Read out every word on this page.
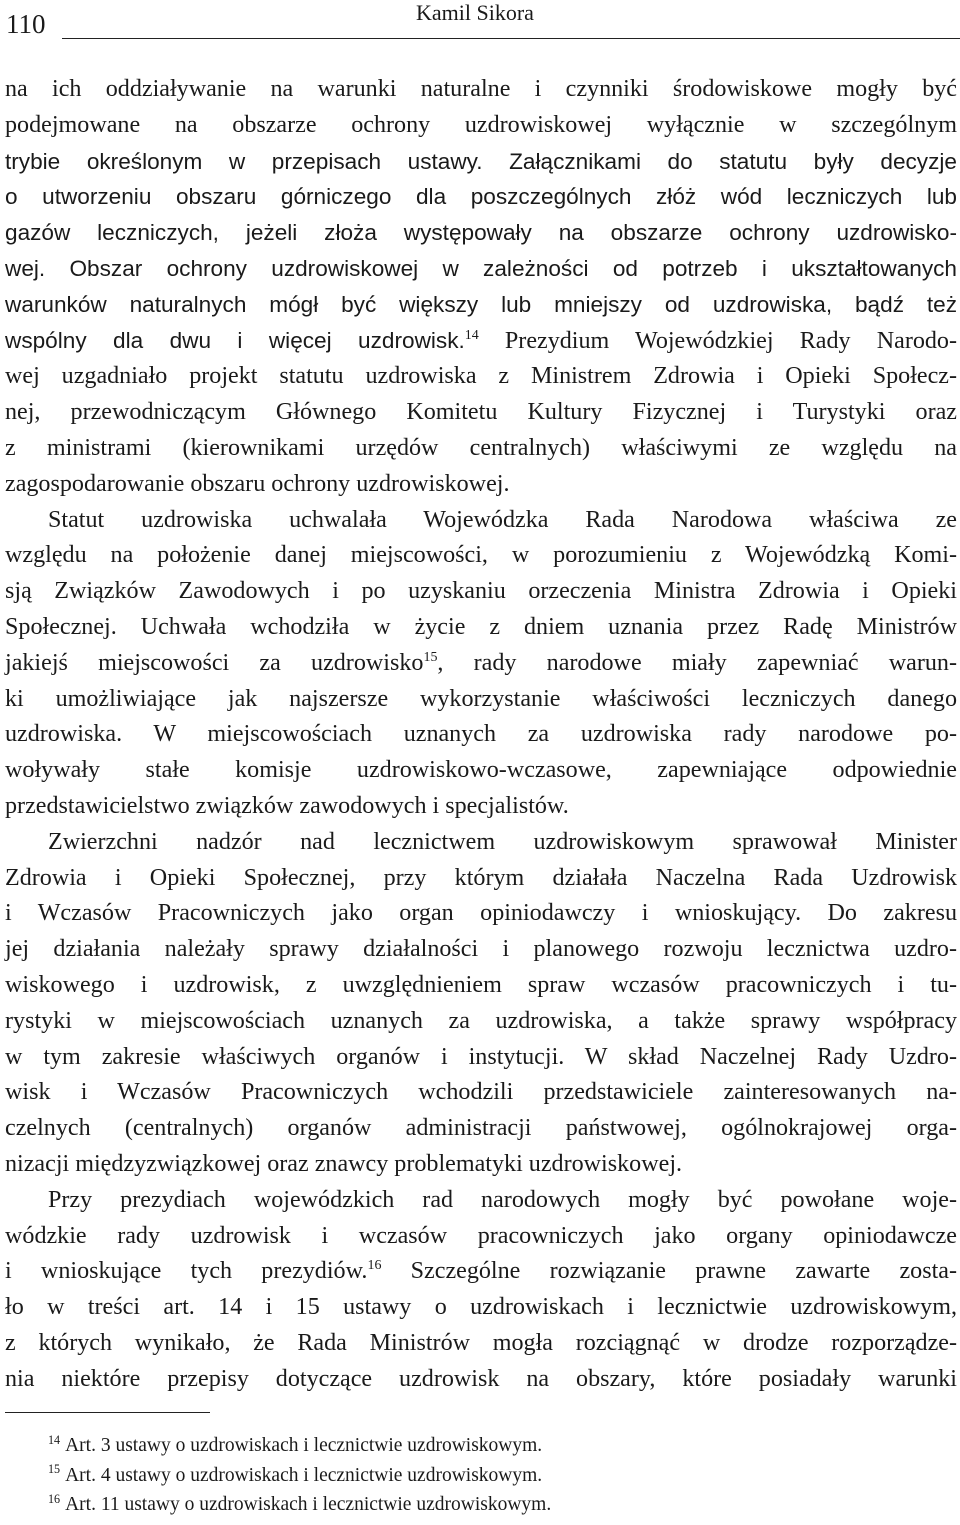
110	Kamil Sikora

na ich oddziaływanie na warunki naturalne i czynniki środowiskowe mogły być
podejmowane na obszarze ochrony uzdrowiskowej wyłącznie w szczególnym
trybie określonym w przepisach ustawy. Załącznikami do statutu były decyzje
o utworzeniu obszaru górniczego dla poszczególnych złóż wód leczniczych lub
gazów leczniczych, jeżeli złoża występowały na obszarze ochrony uzdrowisko-
wej. Obszar ochrony uzdrowiskowej w zależności od potrzeb i ukształtowanych
warunków naturalnych mógł być większy lub mniejszy od uzdrowiska, bądź też
wspólny dla dwu i więcej uzdrowisk.$^{14}$ Prezydium Wojewódzkiej Rady Narodo-
wej uzgadniało projekt statutu uzdrowiska z Ministrem Zdrowia i Opieki Społecz-
nej, przewodniczącym Głównego Komitetu Kultury Fizycznej i Turystyki oraz
z ministrami (kierownikami urzędów centralnych) właściwymi ze względu na
zagospodarowanie obszaru ochrony uzdrowiskowej.

Statut uzdrowiska uchwalała Wojewódzka Rada Narodowa właściwa ze
względu na położenie danej miejscowości, w porozumieniu z Wojewódzką Komi-
sją Związków Zawodowych i po uzyskaniu orzeczenia Ministra Zdrowia i Opieki
Społecznej. Uchwała wchodziła w życie z dniem uznania przez Radę Ministrów
jakiejś miejscowości za uzdrowisko$^{15}$, rady narodowe miały zapewniać warun-
ki umożliwiające jak najszersze wykorzystanie właściwości leczniczych danego
uzdrowiska. W miejscowościach uznanych za uzdrowiska rady narodowe po-
woływały stałe komisje uzdrowiskowo-wczasowe, zapewniające odpowiednie
przedstawicielstwo związków zawodowych i specjalistów.

Zwierzchni nadzór nad lecznictwem uzdrowiskowym sprawował Minister
Zdrowia i Opieki Społecznej, przy którym działała Naczelna Rada Uzdrowisk
i Wczasów Pracowniczych jako organ opiniodawczy i wnioskujący. Do zakresu
jej działania należały sprawy działalności i planowego rozwoju lecznictwa uzdro-
wiskowego i uzdrowisk, z uwzględnieniem spraw wczasów pracowniczych i tu-
rystyki w miejscowościach uznanych za uzdrowiska, a także sprawy współpracy
w tym zakresie właściwych organów i instytucji. W skład Naczelnej Rady Uzdro-
wisk i Wczasów Pracowniczych wchodzili przedstawiciele zainteresowanych na-
czelnych (centralnych) organów administracji państwowej, ogólnokrajowej orga-
nizacji międzyzwiązkowej oraz znawcy problematyki uzdrowiskowej.

Przy prezydiach wojewódzkich rad narodowych mogły być powołane woje-
wódzkie rady uzdrowisk i wczasów pracowniczych jako organy opiniodawcze
i wnioskujące tych prezydiów.$^{16}$ Szczególne rozwiązanie prawne zawarte zosta-
ło w treści art. 14 i 15 ustawy o uzdrowiskach i lecznictwie uzdrowiskowym,
z których wynikało, że Rada Ministrów mogła rozciągnąć w drodze rozporządze-
nia niektóre przepisy dotyczące uzdrowisk na obszary, które posiadały warunki

$^{14}$ Art. 3 ustawy o uzdrowiskach i lecznictwie uzdrowiskowym.
$^{15}$ Art. 4 ustawy o uzdrowiskach i lecznictwie uzdrowiskowym.
$^{16}$ Art. 11 ustawy o uzdrowiskach i lecznictwie uzdrowiskowym.
